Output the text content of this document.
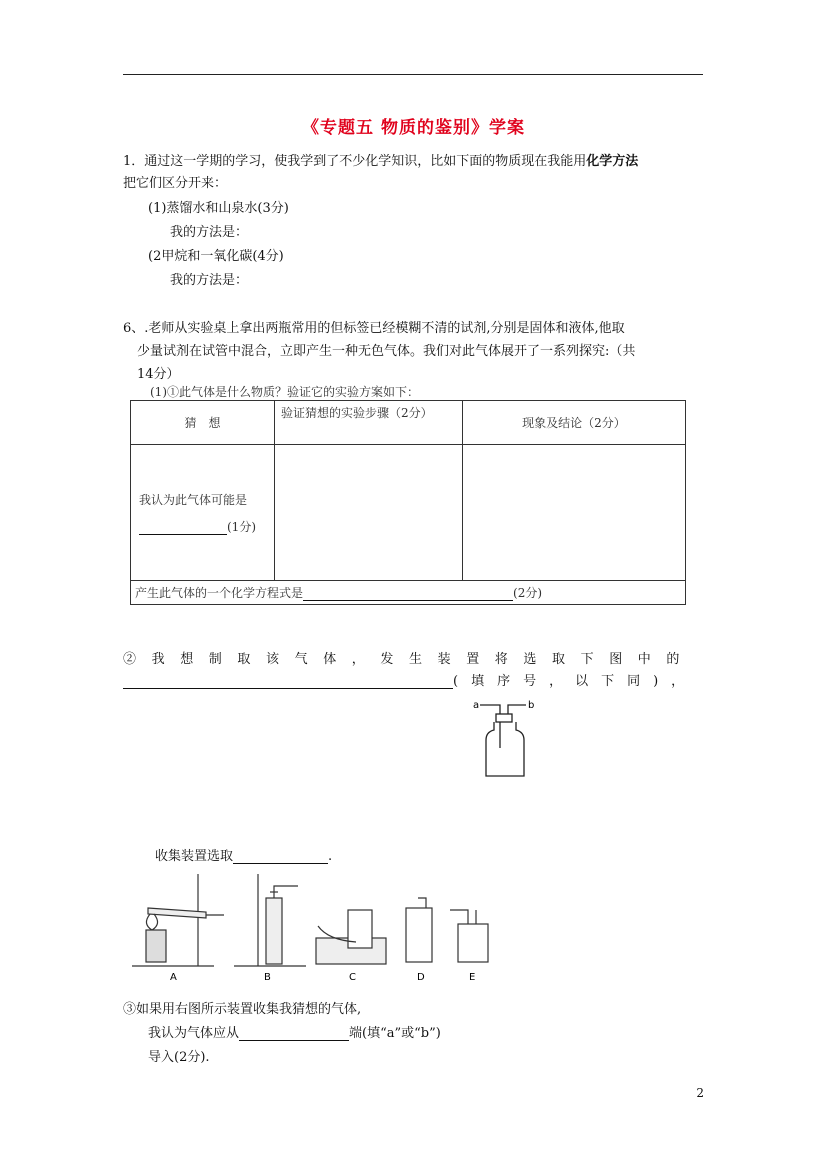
《专题五 物质的鉴别》学案
1．通过这一学期的学习，使我学到了不少化学知识，比如下面的物质现在我能用化学方法
把它们区分开来：
(1)蒸馏水和山泉水(3分)
我的方法是：
(2甲烷和一氧化碳(4分)
我的方法是：
6、.老师从实验桌上拿出两瓶常用的但标签已经模糊不清的试剂,分别是固体和液体,他取
少量试剂在试管中混合，立即产生一种无色气体。我们对此气体展开了一系列探究:（共
14分）
(1)①此气体是什么物质？验证它的实验方案如下：
猜　想	验证猜想的实验步骤（2分）	现象及结论（2分）

我认为此气体可能是
(1分)		

产生此气体的一个化学方程式是 (2分)		
②我想制取该气体，发生装置将选取下图中的
(填序号，以下同)，
a	b
收集装置选取	.
A	B	C	D	E
③如果用右图所示装置收集我猜想的气体,
我认为气体应从	端(填“a”或“b”)
导入(2分).
2
